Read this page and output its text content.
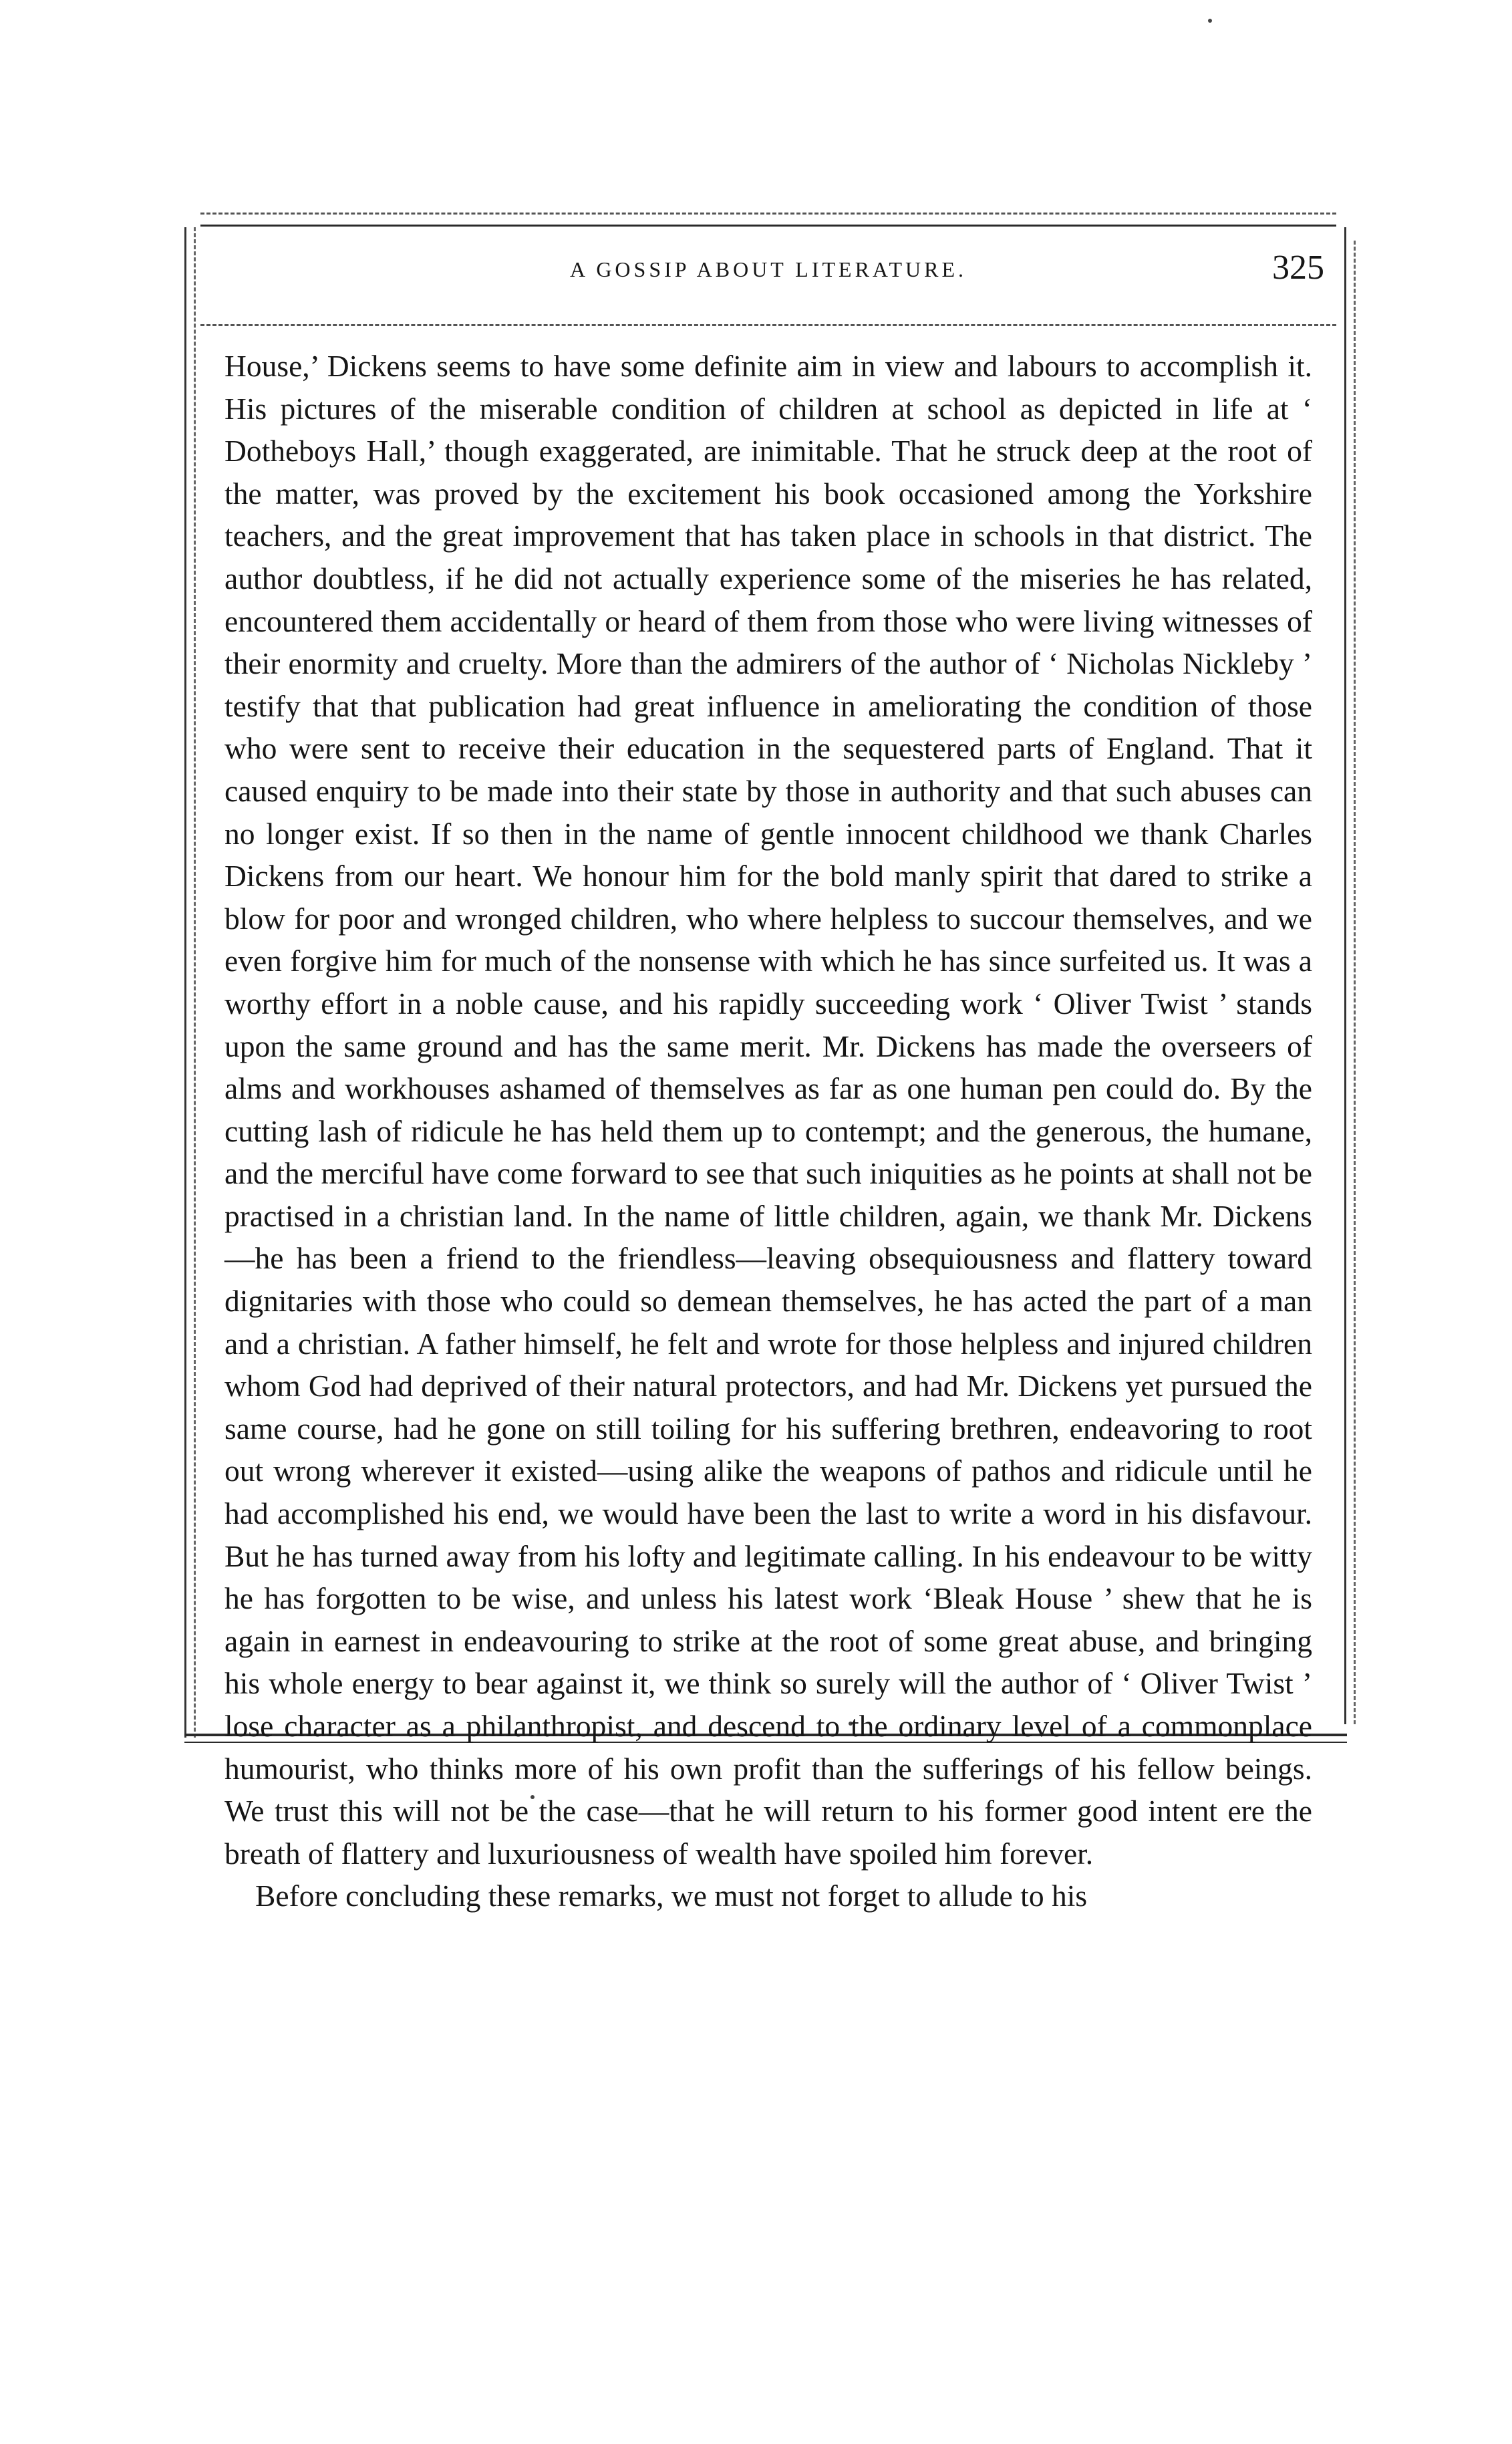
A GOSSIP ABOUT LITERATURE.	325

House,’ Dickens seems to have some definite aim in view and labours to accomplish it. His pictures of the miserable condition of children at school as depicted in life at ‘ Dotheboys Hall,’ though exaggerated, are inimitable. That he struck deep at the root of the matter, was proved by the excitement his book occasioned among the Yorkshire teachers, and the great improvement that has taken place in schools in that district. The author doubtless, if he did not actually experience some of the miseries he has related, encountered them accidentally or heard of them from those who were living witnesses of their enormity and cruelty. More than the admirers of the author of ‘ Nicholas Nickleby ’ testify that that publication had great influence in ameliorating the condition of those who were sent to receive their education in the sequestered parts of England. That it caused enquiry to be made into their state by those in authority and that such abuses can no longer exist. If so then in the name of gentle innocent childhood we thank Charles Dickens from our heart. We honour him for the bold manly spirit that dared to strike a blow for poor and wronged children, who where helpless to succour themselves, and we even forgive him for much of the nonsense with which he has since surfeited us. It was a worthy effort in a noble cause, and his rapidly succeeding work ‘ Oliver Twist ’ stands upon the same ground and has the same merit. Mr. Dickens has made the overseers of alms and workhouses ashamed of themselves as far as one human pen could do. By the cutting lash of ridicule he has held them up to contempt; and the generous, the humane, and the merciful have come forward to see that such iniquities as he points at shall not be practised in a christian land. In the name of little children, again, we thank Mr. Dickens—he has been a friend to the friendless—leaving obsequiousness and flattery toward dignitaries with those who could so demean themselves, he has acted the part of a man and a christian. A father himself, he felt and wrote for those helpless and injured children whom God had deprived of their natural protectors, and had Mr. Dickens yet pursued the same course, had he gone on still toiling for his suffering brethren, endeavoring to root out wrong wherever it existed—using alike the weapons of pathos and ridicule until he had accomplished his end, we would have been the last to write a word in his disfavour. But he has turned away from his lofty and legitimate calling. In his endeavour to be witty he has forgotten to be wise, and unless his latest work ‘Bleak House ’ shew that he is again in earnest in endeavouring to strike at the root of some great abuse, and bringing his whole energy to bear against it, we think so surely will the author of ‘ Oliver Twist ’ lose character as a philanthropist, and descend to the ordinary level of a commonplace humourist, who thinks more of his own profit than the sufferings of his fellow beings. We trust this will not be the case—that he will return to his former good intent ere the breath of flattery and luxuriousness of wealth have spoiled him forever.

Before concluding these remarks, we must not forget to allude to his
